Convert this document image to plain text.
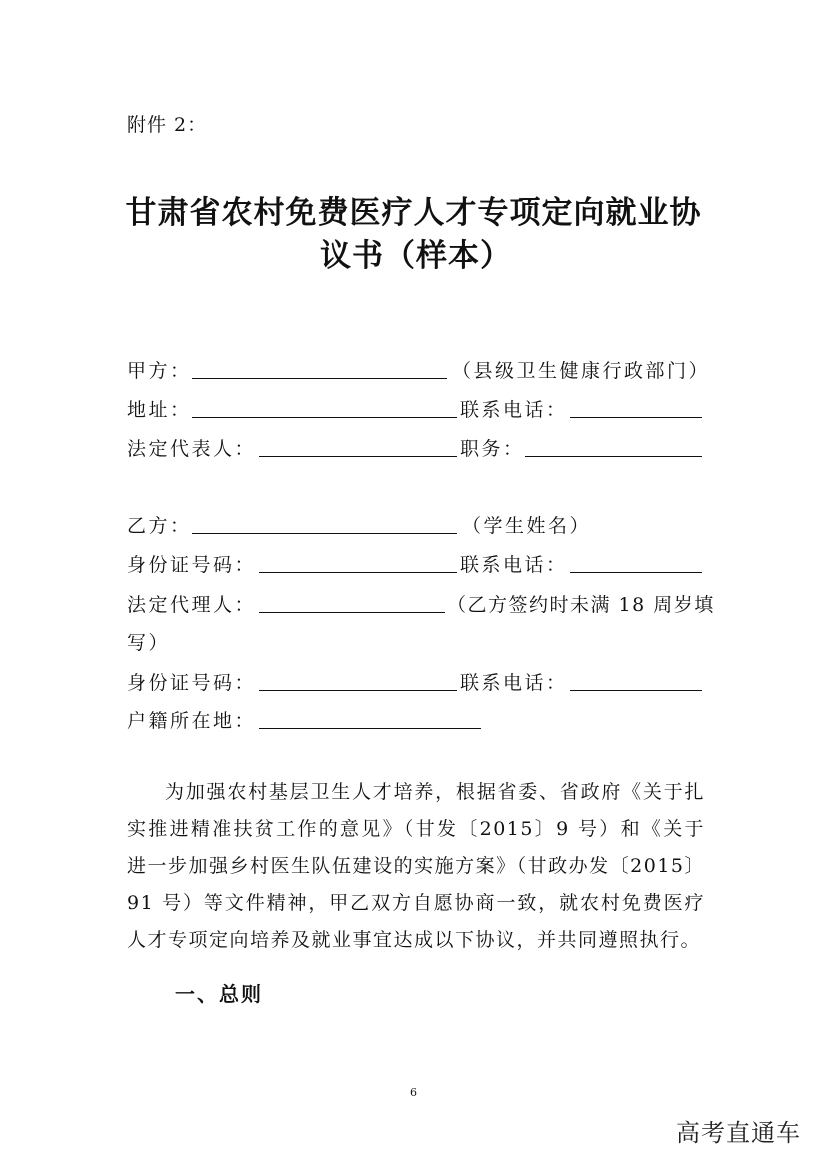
附件 2：
甘肃省农村免费医疗人才专项定向就业协
议书（样本）
甲方：	（县级卫生健康行政部门）
地址：	联系电话：
法定代表人：	职务：
乙方：	（学生姓名）
身份证号码：	联系电话：
法定代理人：	（乙方签约时未满 18 周岁填
写）
身份证号码：	联系电话：
户籍所在地：
为加强农村基层卫生人才培养，根据省委、省政府《关于扎实推进精准扶贫工作的意见》（甘发〔2015〕9 号）和《关于进一步加强乡村医生队伍建设的实施方案》（甘政办发〔2015〕91 号）等文件精神，甲乙双方自愿协商一致，就农村免费医疗人才专项定向培养及就业事宜达成以下协议，并共同遵照执行。
一、总则
6
高考直通车
